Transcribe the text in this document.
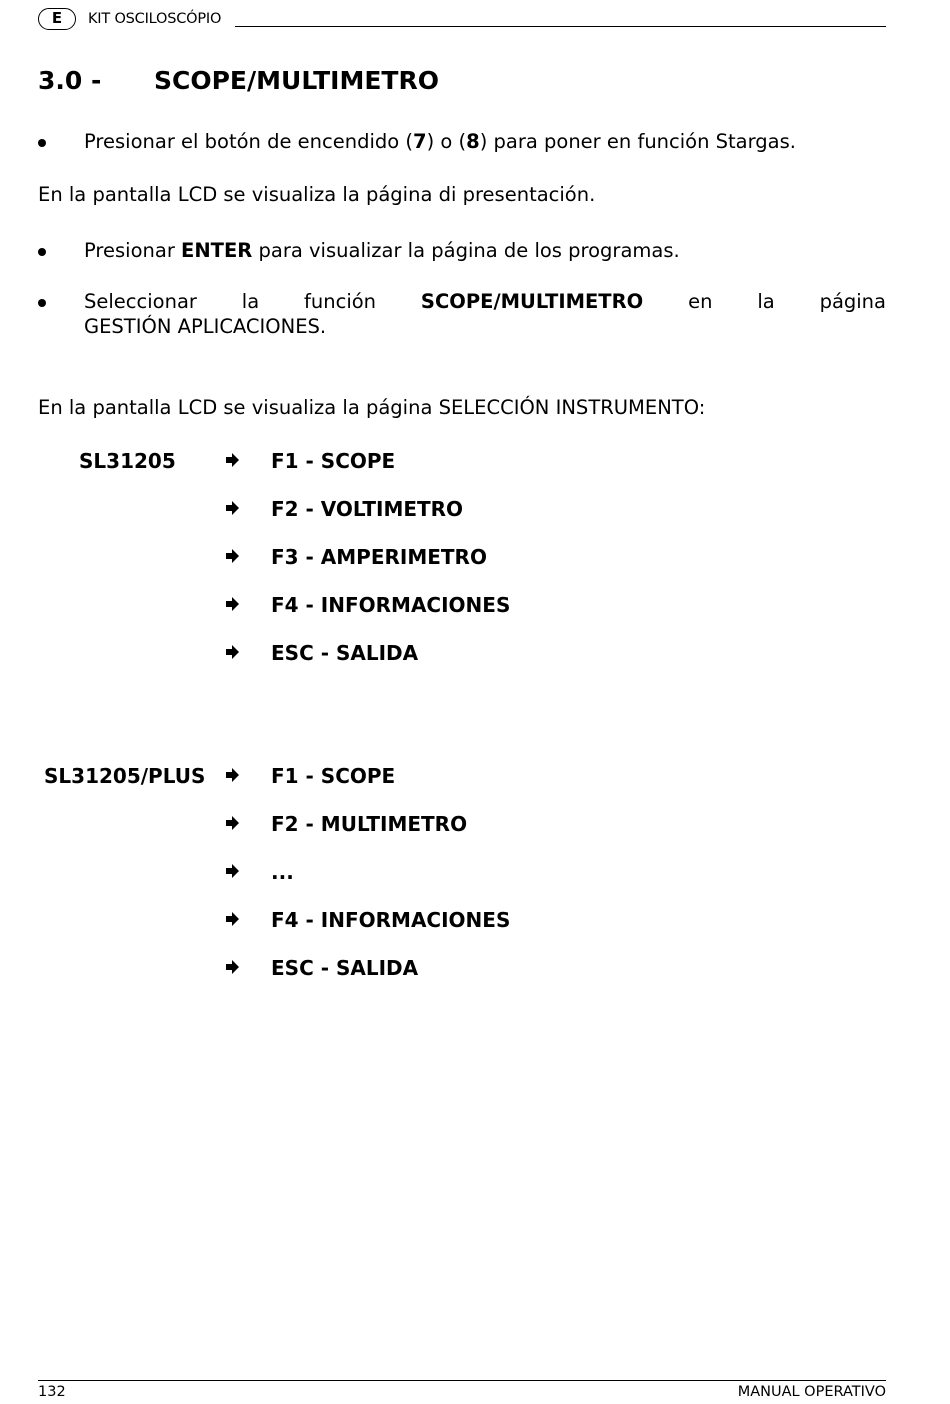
E	KIT OSCILOSCÓPIO
3.0 - SCOPE/MULTIMETRO
Presionar el botón de encendido (7) o (8) para poner en función Stargas.
En la pantalla LCD se visualiza la página di presentación.
Presionar ENTER para visualizar la página de los programas.
Seleccionar la función SCOPE/MULTIMETRO en la página
GESTIÓN APLICACIONES.
En la pantalla LCD se visualiza la página SELECCIÓN INSTRUMENTO:
SL31205	F1 - SCOPE
F2 - VOLTIMETRO
F3 - AMPERIMETRO
F4 - INFORMACIONES
ESC - SALIDA
SL31205/PLUS	F1 - SCOPE
F2 - MULTIMETRO
...
F4 - INFORMACIONES
ESC - SALIDA
132	MANUAL OPERATIVO
